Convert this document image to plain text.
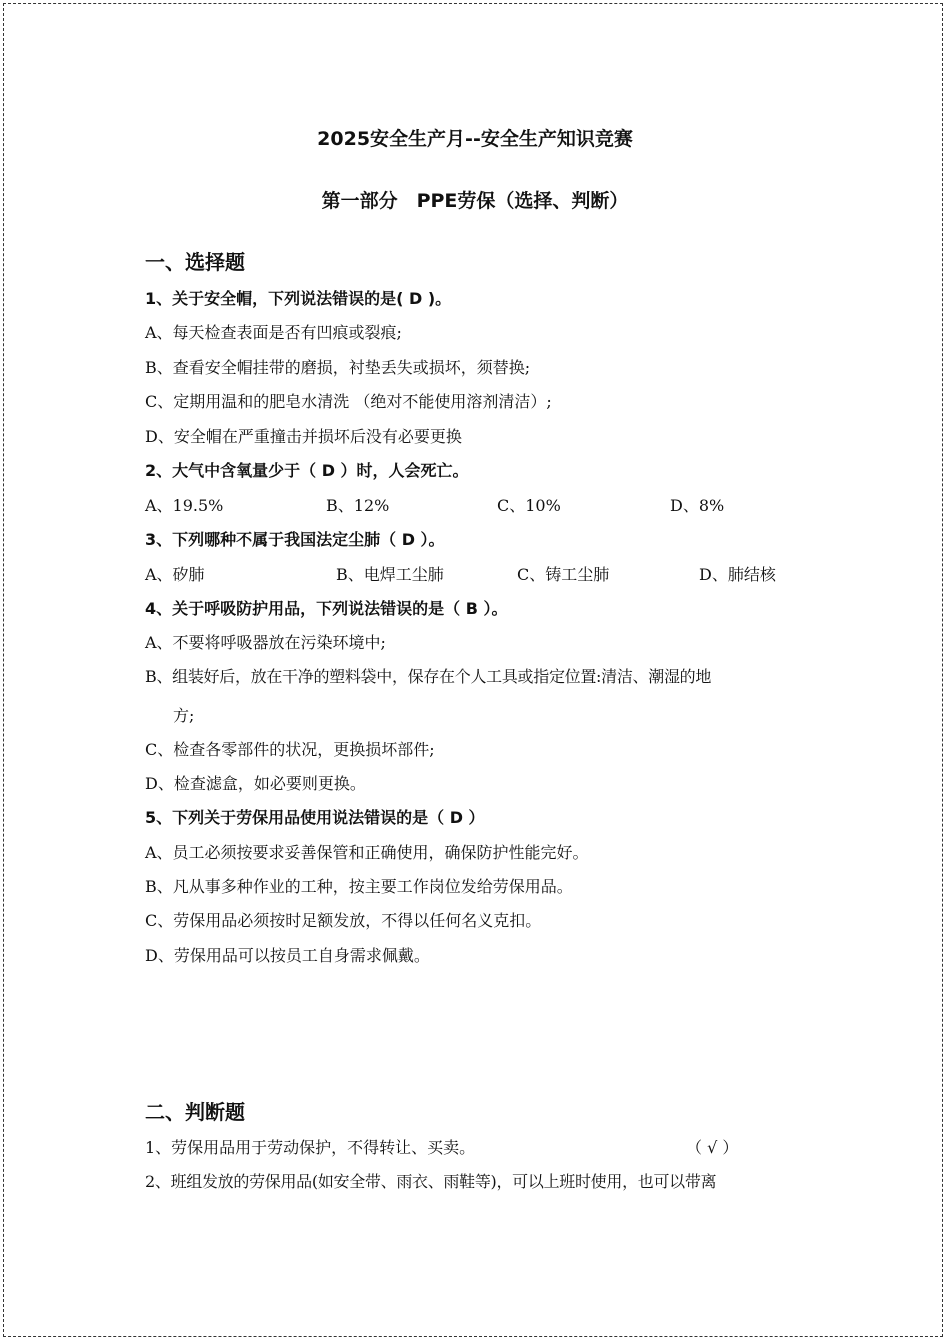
2025安全生产月--安全生产知识竞赛
第一部分　PPE劳保（选择、判断）
一、选择题
1、关于安全帽，下列说法错误的是( D )。
A、每天检查表面是否有凹痕或裂痕;
B、查看安全帽挂带的磨损，衬垫丢失或损坏，须替换;
C、定期用温和的肥皂水清洗 （绝对不能使用溶剂清洁）;
D、安全帽在严重撞击并损坏后没有必要更换
2、大气中含氧量少于（ D ）时，人会死亡。
A、19.5%	B、12%	C、10%	D、8%
3、下列哪种不属于我国法定尘肺（ D ）。
A、矽肺	B、电焊工尘肺	C、铸工尘肺	D、肺结核
4、关于呼吸防护用品，下列说法错误的是（ B ）。
A、不要将呼吸器放在污染环境中;
B、组装好后，放在干净的塑料袋中，保存在个人工具或指定位置:清洁、潮湿的地
方;
C、检查各零部件的状况，更换损坏部件;
D、检查滤盒，如必要则更换。
5、下列关于劳保用品使用说法错误的是（ D ）
A、员工必须按要求妥善保管和正确使用，确保防护性能完好。
B、凡从事多种作业的工种，按主要工作岗位发给劳保用品。
C、劳保用品必须按时足额发放，不得以任何名义克扣。
D、劳保用品可以按员工自身需求佩戴。
二、判断题
1、劳保用品用于劳动保护，不得转让、买卖。	（ √ ）
2、班组发放的劳保用品(如安全带、雨衣、雨鞋等)，可以上班时使用，也可以带离
